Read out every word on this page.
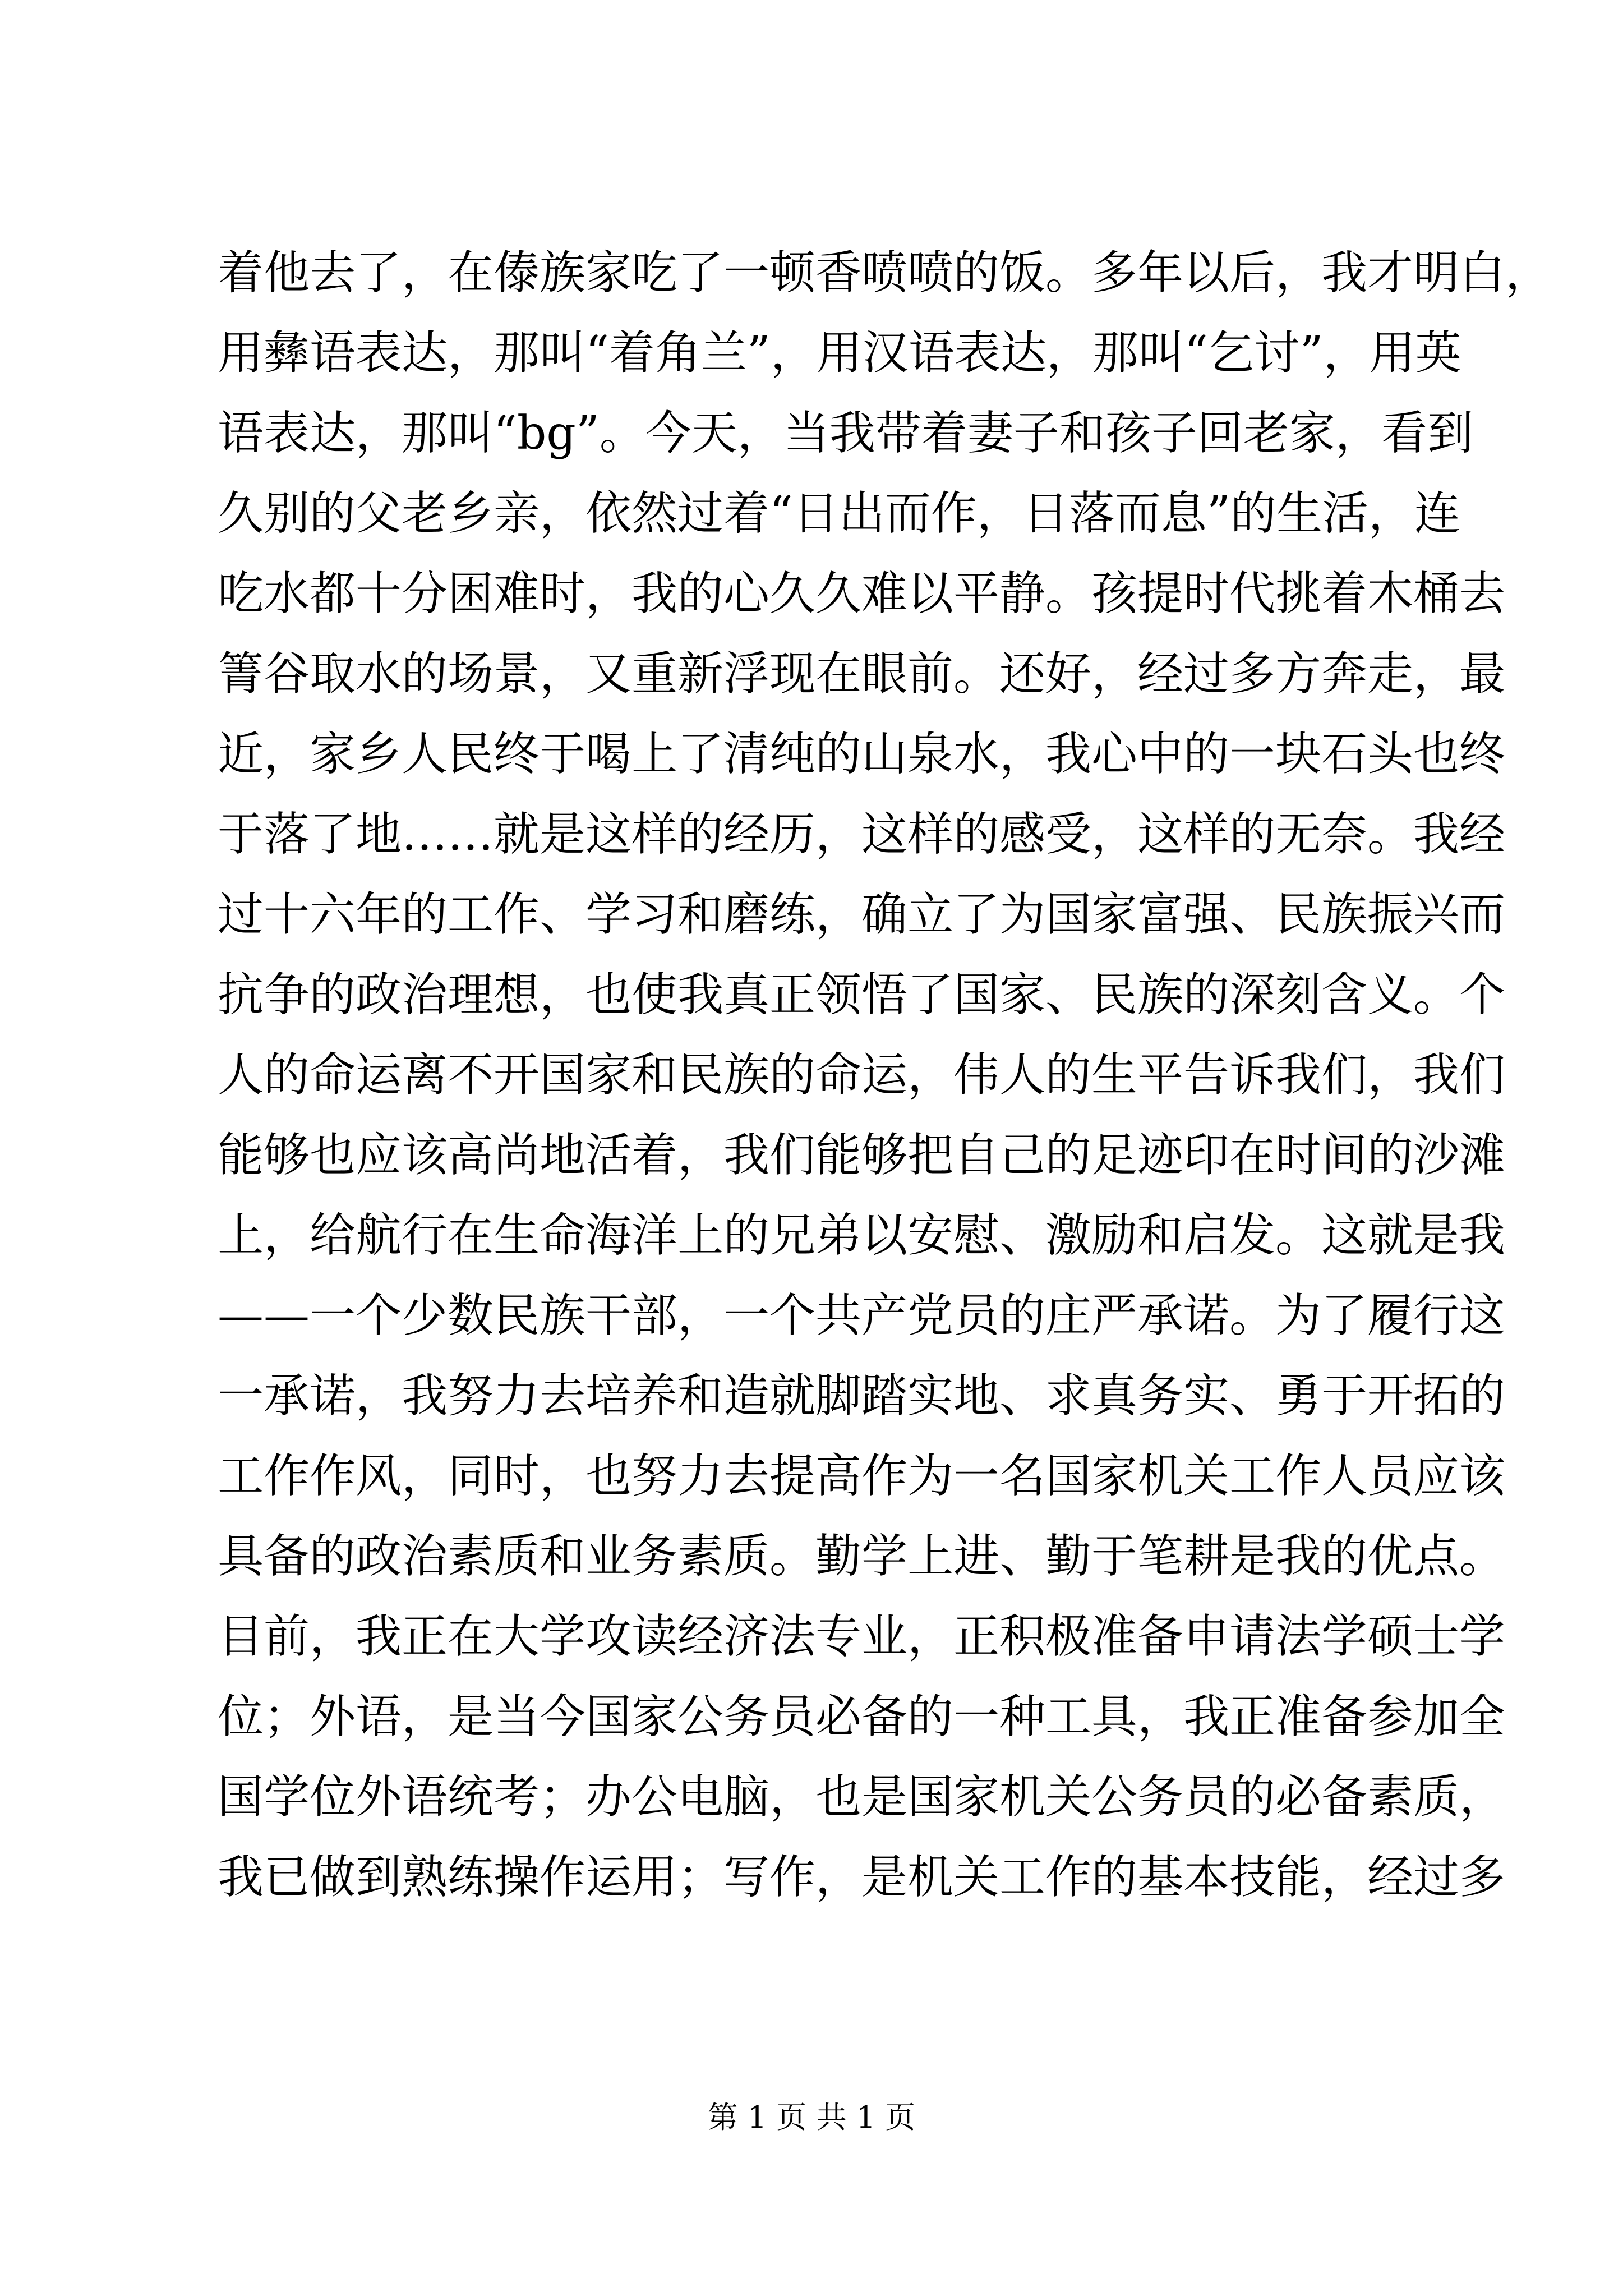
着他去了，在傣族家吃了一顿香喷喷的饭。多年以后，我才明白，
用彝语表达，那叫“着角兰”，用汉语表达，那叫“乞讨”，用英
语表达，那叫“bg”。今天，当我带着妻子和孩子回老家，看到
久别的父老乡亲，依然过着“日出而作，日落而息”的生活，连
吃水都十分困难时，我的心久久难以平静。孩提时代挑着木桶去
箐谷取水的场景，又重新浮现在眼前。还好，经过多方奔走，最
近，家乡人民终于喝上了清纯的山泉水，我心中的一块石头也终
于落了地……就是这样的经历，这样的感受，这样的无奈。我经
过十六年的工作、学习和磨练，确立了为国家富强、民族振兴而
抗争的政治理想，也使我真正领悟了国家、民族的深刻含义。个
人的命运离不开国家和民族的命运，伟人的生平告诉我们，我们
能够也应该高尚地活着，我们能够把自己的足迹印在时间的沙滩
上，给航行在生命海洋上的兄弟以安慰、激励和启发。这就是我
——一个少数民族干部，一个共产党员的庄严承诺。为了履行这
一承诺，我努力去培养和造就脚踏实地、求真务实、勇于开拓的
工作作风，同时，也努力去提高作为一名国家机关工作人员应该
具备的政治素质和业务素质。勤学上进、勤于笔耕是我的优点。
目前，我正在大学攻读经济法专业，正积极准备申请法学硕士学
位；外语，是当今国家公务员必备的一种工具，我正准备参加全
国学位外语统考；办公电脑，也是国家机关公务员的必备素质，
我已做到熟练操作运用；写作，是机关工作的基本技能，经过多
第 1 页 共 1 页
